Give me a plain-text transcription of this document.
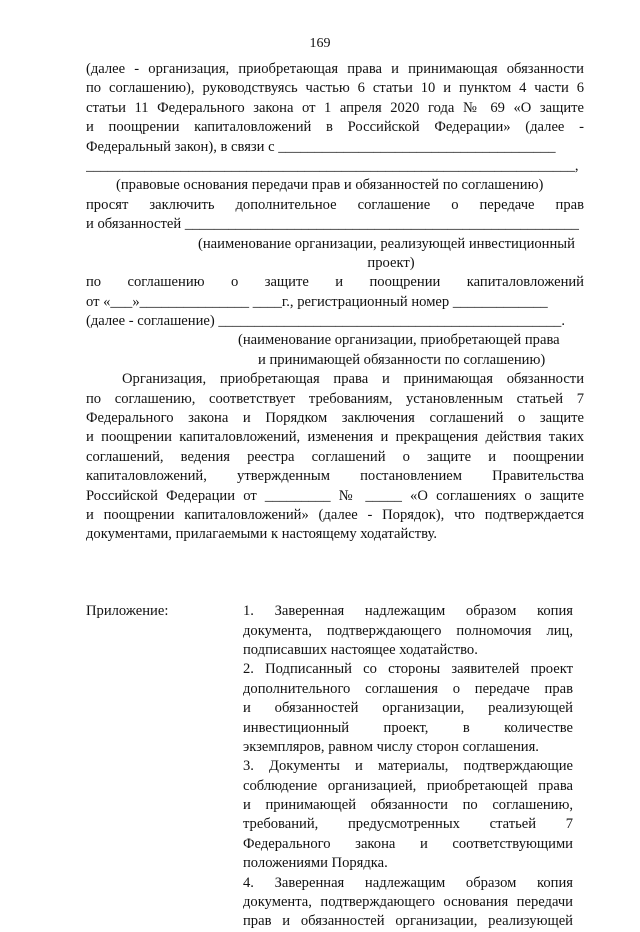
169
(далее - организация, приобретающая права и принимающая обязанности
по соглашению), руководствуясь частью 6 статьи 10 и пунктом 4 части 6
статьи 11 Федерального закона от 1 апреля 2020 года № 69 «О защите
и поощрении капиталовложений в Российской Федерации» (далее -
Федеральный закон), в связи с ______________________________________
___________________________________________________________________,
(правовые основания передачи прав и обязанностей по соглашению)
просят заключить дополнительное соглашение о передаче прав
и обязанностей ______________________________________________________
(наименование организации, реализующей инвестиционный
проект)
по соглашению о защите и поощрении капиталовложений
от «___»_______________ ____г., регистрационный номер _____________
(далее - соглашение) _______________________________________________.
(наименование организации, приобретающей права
и принимающей обязанности по соглашению)
Организация, приобретающая права и принимающая обязанности
по соглашению, соответствует требованиям, установленным статьей 7
Федерального закона и Порядком заключения соглашений о защите
и поощрении капиталовложений, изменения и прекращения действия таких
соглашений, ведения реестра соглашений о защите и поощрении
капиталовложений, утвержденным постановлением Правительства
Российской Федерации от _________ № _____ «О соглашениях о защите
и поощрении капиталовложений» (далее - Порядок), что подтверждается
документами, прилагаемыми к настоящему ходатайству.
Приложение:	1. Заверенная надлежащим образом копия
документа, подтверждающего полномочия лиц,
подписавших настоящее ходатайство.
2. Подписанный со стороны заявителей проект
дополнительного соглашения о передаче прав
и обязанностей организации, реализующей
инвестиционный проект, в количестве
экземпляров, равном числу сторон соглашения.
3. Документы и материалы, подтверждающие
соблюдение организацией, приобретающей права
и принимающей обязанности по соглашению,
требований, предусмотренных статьей 7
Федерального закона и соответствующими
положениями Порядка.
4. Заверенная надлежащим образом копия
документа, подтверждающего основания передачи
прав и обязанностей организации, реализующей
